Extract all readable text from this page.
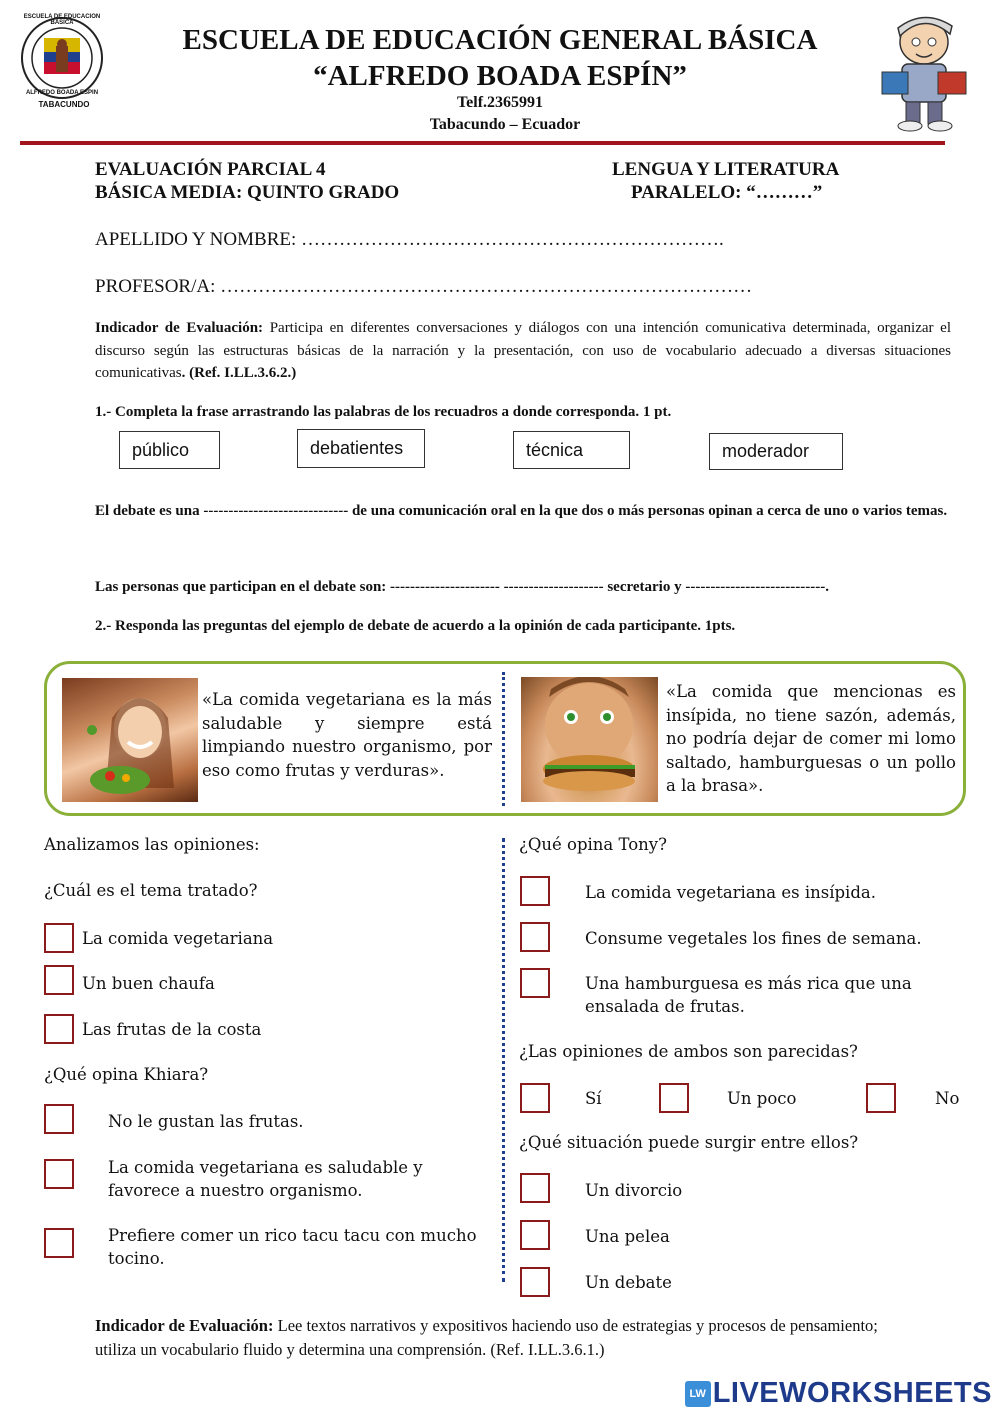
TABACUNDO
ESCUELA DE EDUCACION BASICA
ALFREDO BOADA ESPIN
ESCUELA DE EDUCACIÓN GENERAL BÁSICA
“ALFREDO BOADA ESPÍN”
Telf.2365991
Tabacundo – Ecuador
EVALUACIÓN PARCIAL 4
BÁSICA MEDIA: QUINTO GRADO
LENGUA Y LITERATURA
PARALELO: “………”
APELLIDO Y NOMBRE: ………………………………………………………….
PROFESOR/A: …………………………………………………………………………
Indicador de Evaluación: Participa en diferentes conversaciones y diálogos con una intención comunicativa determinada, organizar el discurso según las estructuras básicas de la narración y la presentación, con uso de vocabulario adecuado a diversas situaciones comunicativas. (Ref. I.LL.3.6.2.)
1.- Completa la frase arrastrando las palabras de los recuadros a donde corresponda. 1 pt.
público	debatientes	técnica	moderador
El debate es una ----------------------------- de una comunicación oral en la que dos o más personas opinan a cerca de uno o varios temas.
Las personas que participan en el debate son: ---------------------- -------------------- secretario y ----------------------------.
2.- Responda las preguntas del ejemplo de debate de acuerdo a la opinión de cada participante. 1pts.
«La comida vegetariana es la más saludable y siempre está limpiando nuestro organismo, por eso como frutas y verduras».
«La comida que mencionas es insípida, no tiene sazón, además, no podría dejar de comer mi lomo saltado, hamburguesas o un pollo a la brasa».
Analizamos las opiniones:
¿Cuál es el tema tratado?
La comida vegetariana
Un buen chaufa
Las frutas de la costa
¿Qué opina Khiara?
No le gustan las frutas.
La comida vegetariana es saludable y favorece a nuestro organismo.
Prefiere comer un rico tacu tacu con mucho tocino.
¿Qué opina Tony?
La comida vegetariana es insípida.
Consume vegetales los fines de semana.
Una hamburguesa es más rica que una ensalada de frutas.
¿Las opiniones de ambos son parecidas?
Sí	Un poco	No
¿Qué situación puede surgir entre ellos?
Un divorcio
Una pelea
Un debate
Indicador de Evaluación: Lee textos narrativos y expositivos haciendo uso de estrategias y procesos de pensamiento; utiliza un vocabulario fluido y determina una comprensión. (Ref. I.LL.3.6.1.)
LW LIVEWORKSHEETS
